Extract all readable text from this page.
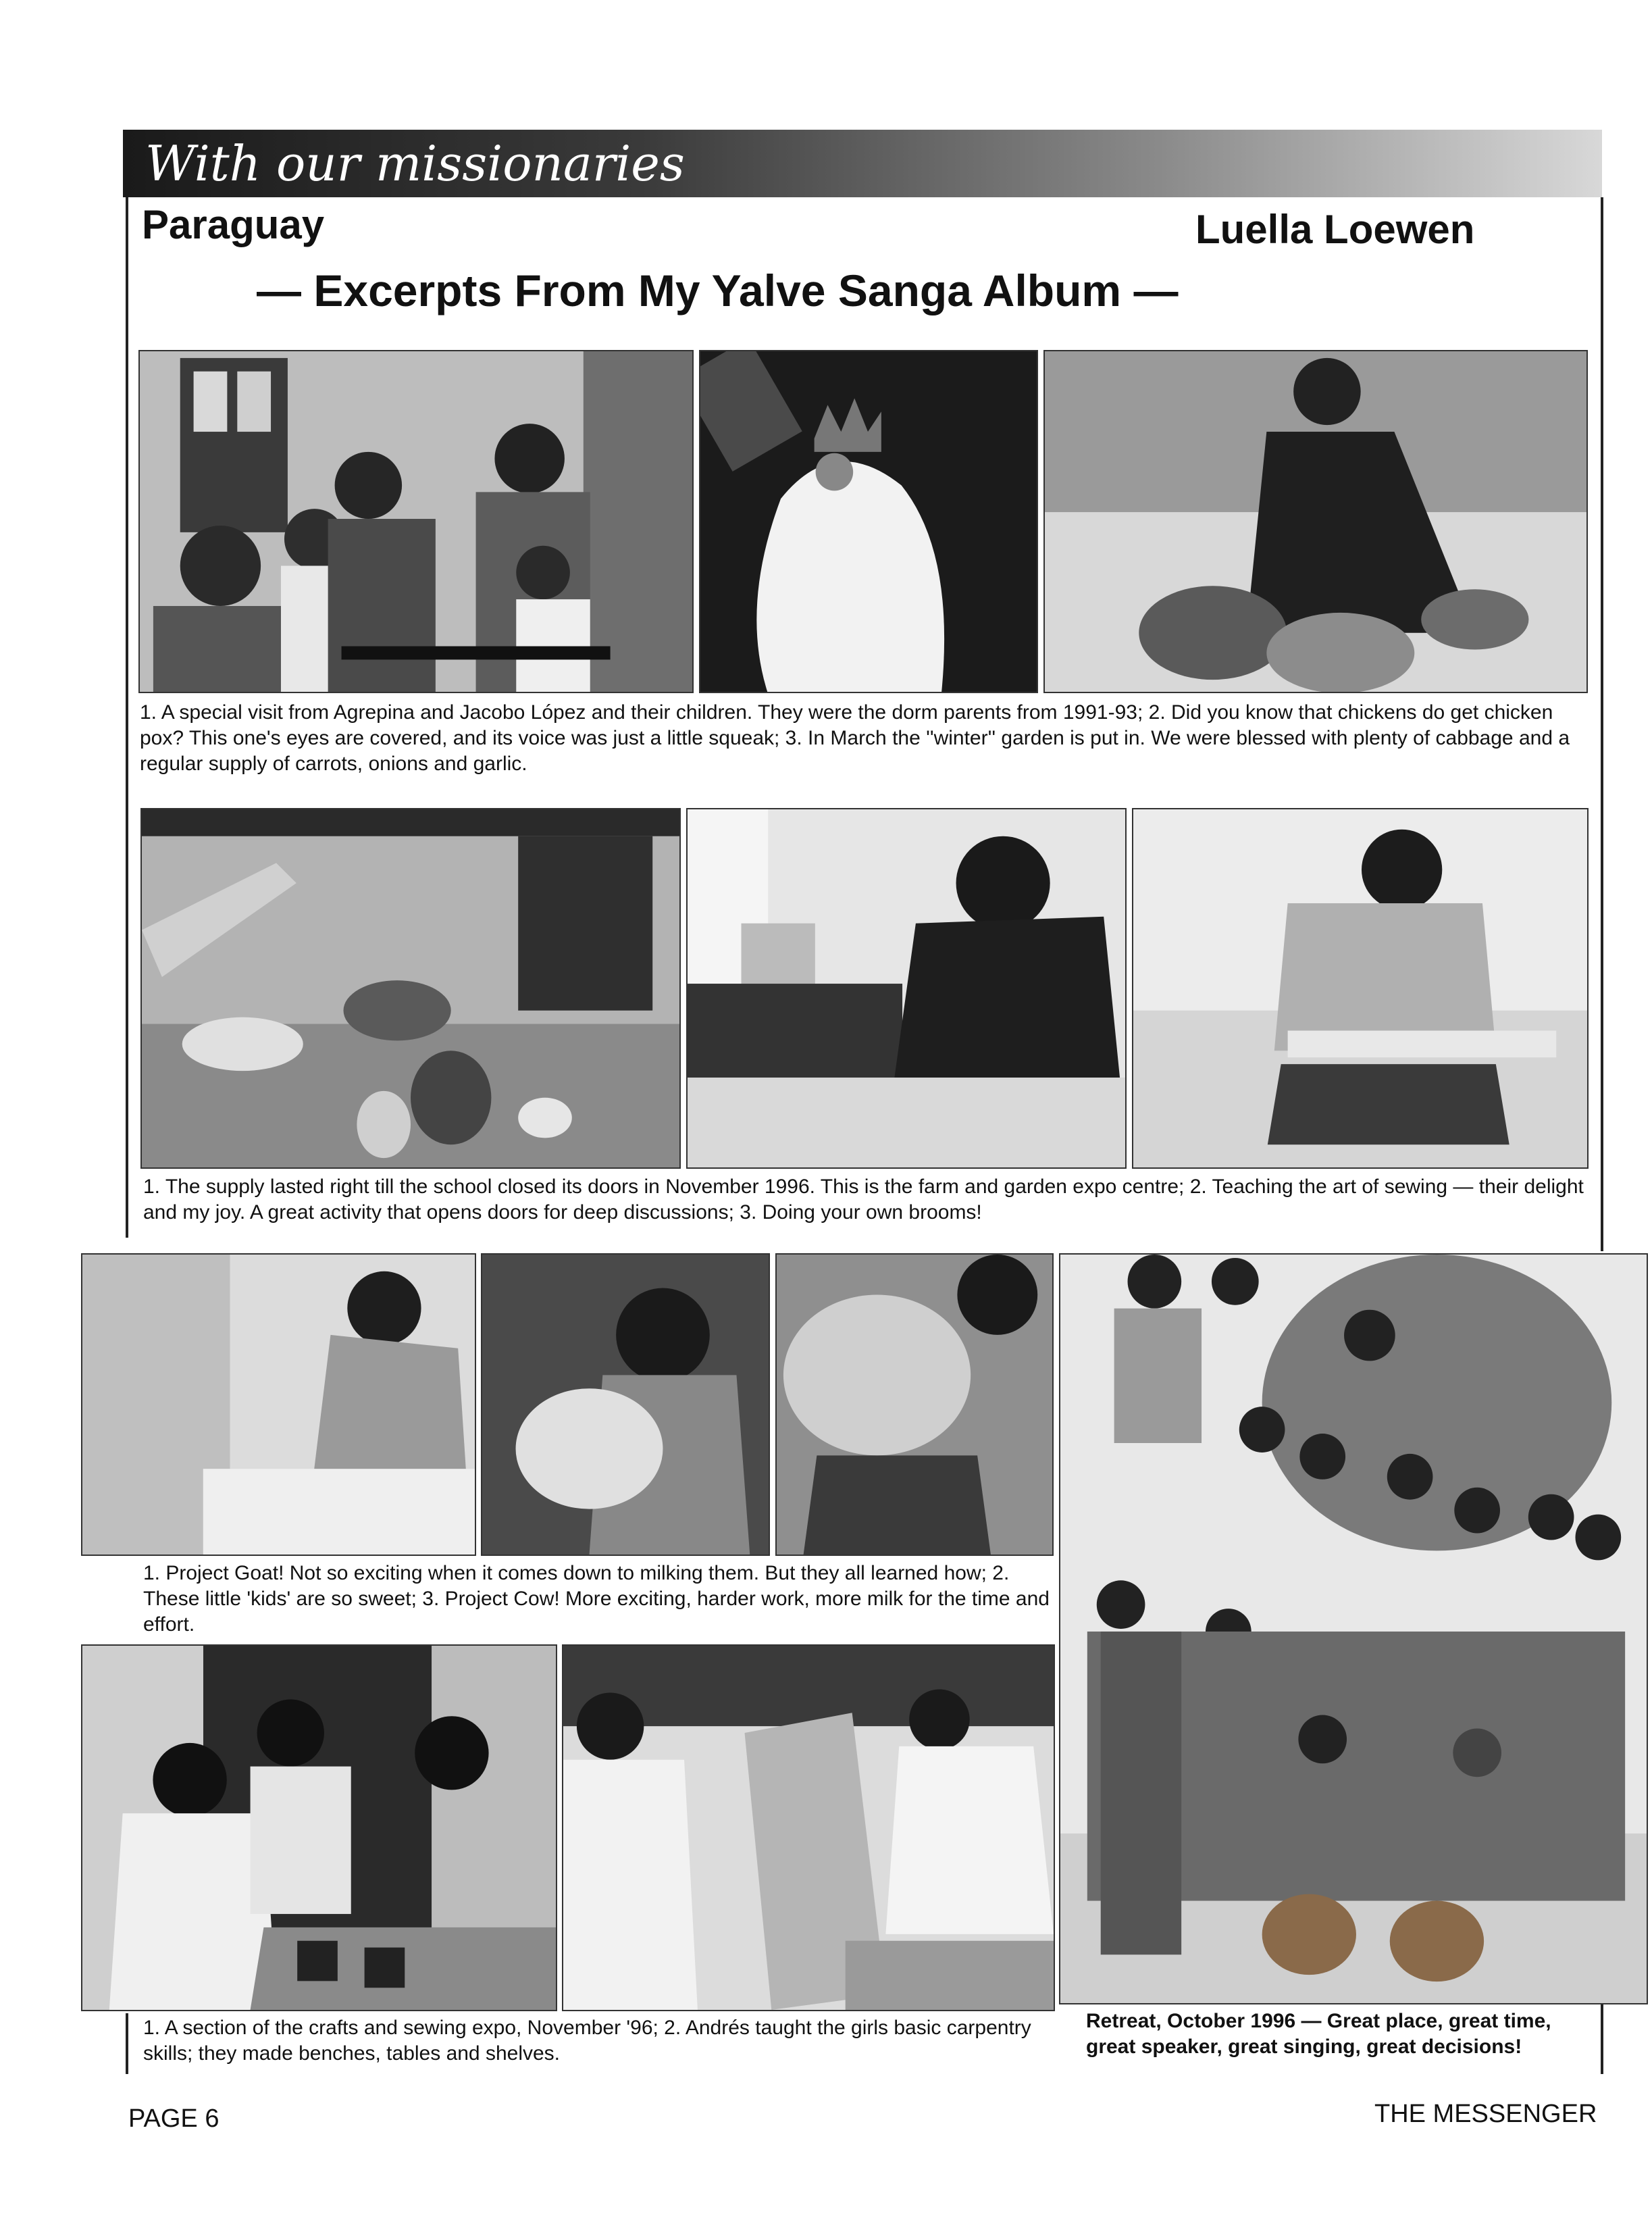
With our missionaries
Paraguay	Luella Loewen
— Excerpts From My Yalve Sanga Album —
1. A special visit from Agrepina and Jacobo López and their children. They were the dorm parents from 1991-93; 2. Did you know that chickens do get chicken pox? This one's eyes are covered, and its voice was just a little squeak; 3. In March the ''winter'' garden is put in. We were blessed with plenty of cabbage and a regular supply of carrots, onions and garlic.
1. The supply lasted right till the school closed its doors in November 1996. This is the farm and garden expo centre; 2. Teaching the art of sewing — their delight and my joy. A great activity that opens doors for deep discussions; 3. Doing your own brooms!
1. Project Goat! Not so exciting when it comes down to milking them. But they all learned how; 2. These little 'kids' are so sweet; 3. Project Cow! More exciting, harder work, more milk for the time and effort.
1. A section of the crafts and sewing expo, November '96; 2. Andrés taught the girls basic carpentry skills; they made benches, tables and shelves.
Retreat, October 1996 — Great place, great time, great speaker, great singing, great decisions!
PAGE 6	THE MESSENGER
